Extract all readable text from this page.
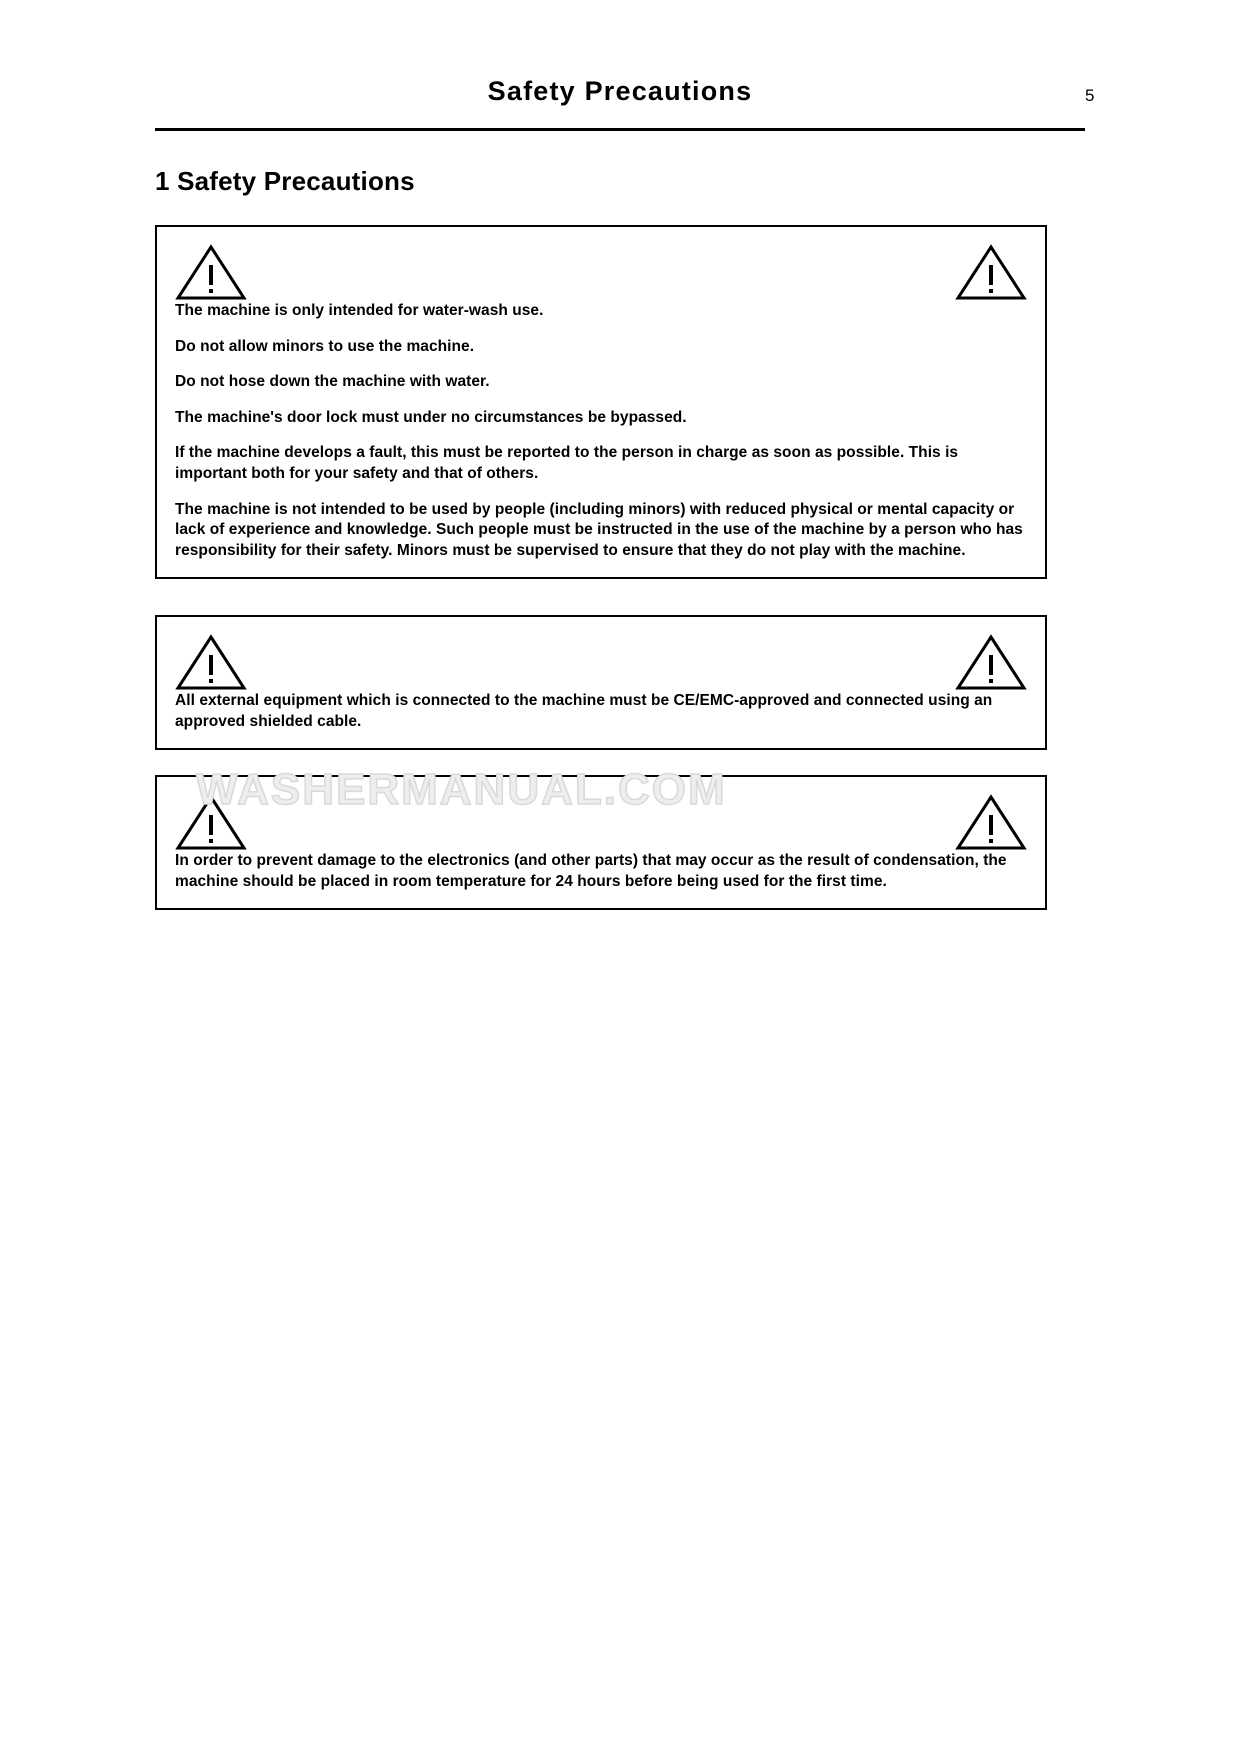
Safety Precautions	5
1 Safety Precautions

The machine is only intended for water-wash use.

Do not allow minors to use the machine.

Do not hose down the machine with water.

The machine's door lock must under no circumstances be bypassed.

If the machine develops a fault, this must be reported to the person in charge as soon as possible. This is important both for your safety and that of others.

The machine is not intended to be used by people (including minors) with reduced physical or mental capacity or lack of experience and knowledge. Such people must be instructed in the use of the machine by a person who has responsibility for their safety. Minors must be supervised to ensure that they do not play with the machine.

All external equipment which is connected to the machine must be CE/EMC-approved and connected using an approved shielded cable.

In order to prevent damage to the electronics (and other parts) that may occur as the result of condensation, the machine should be placed in room temperature for 24 hours before being used for the first time.

WASHERMANUAL.COM
